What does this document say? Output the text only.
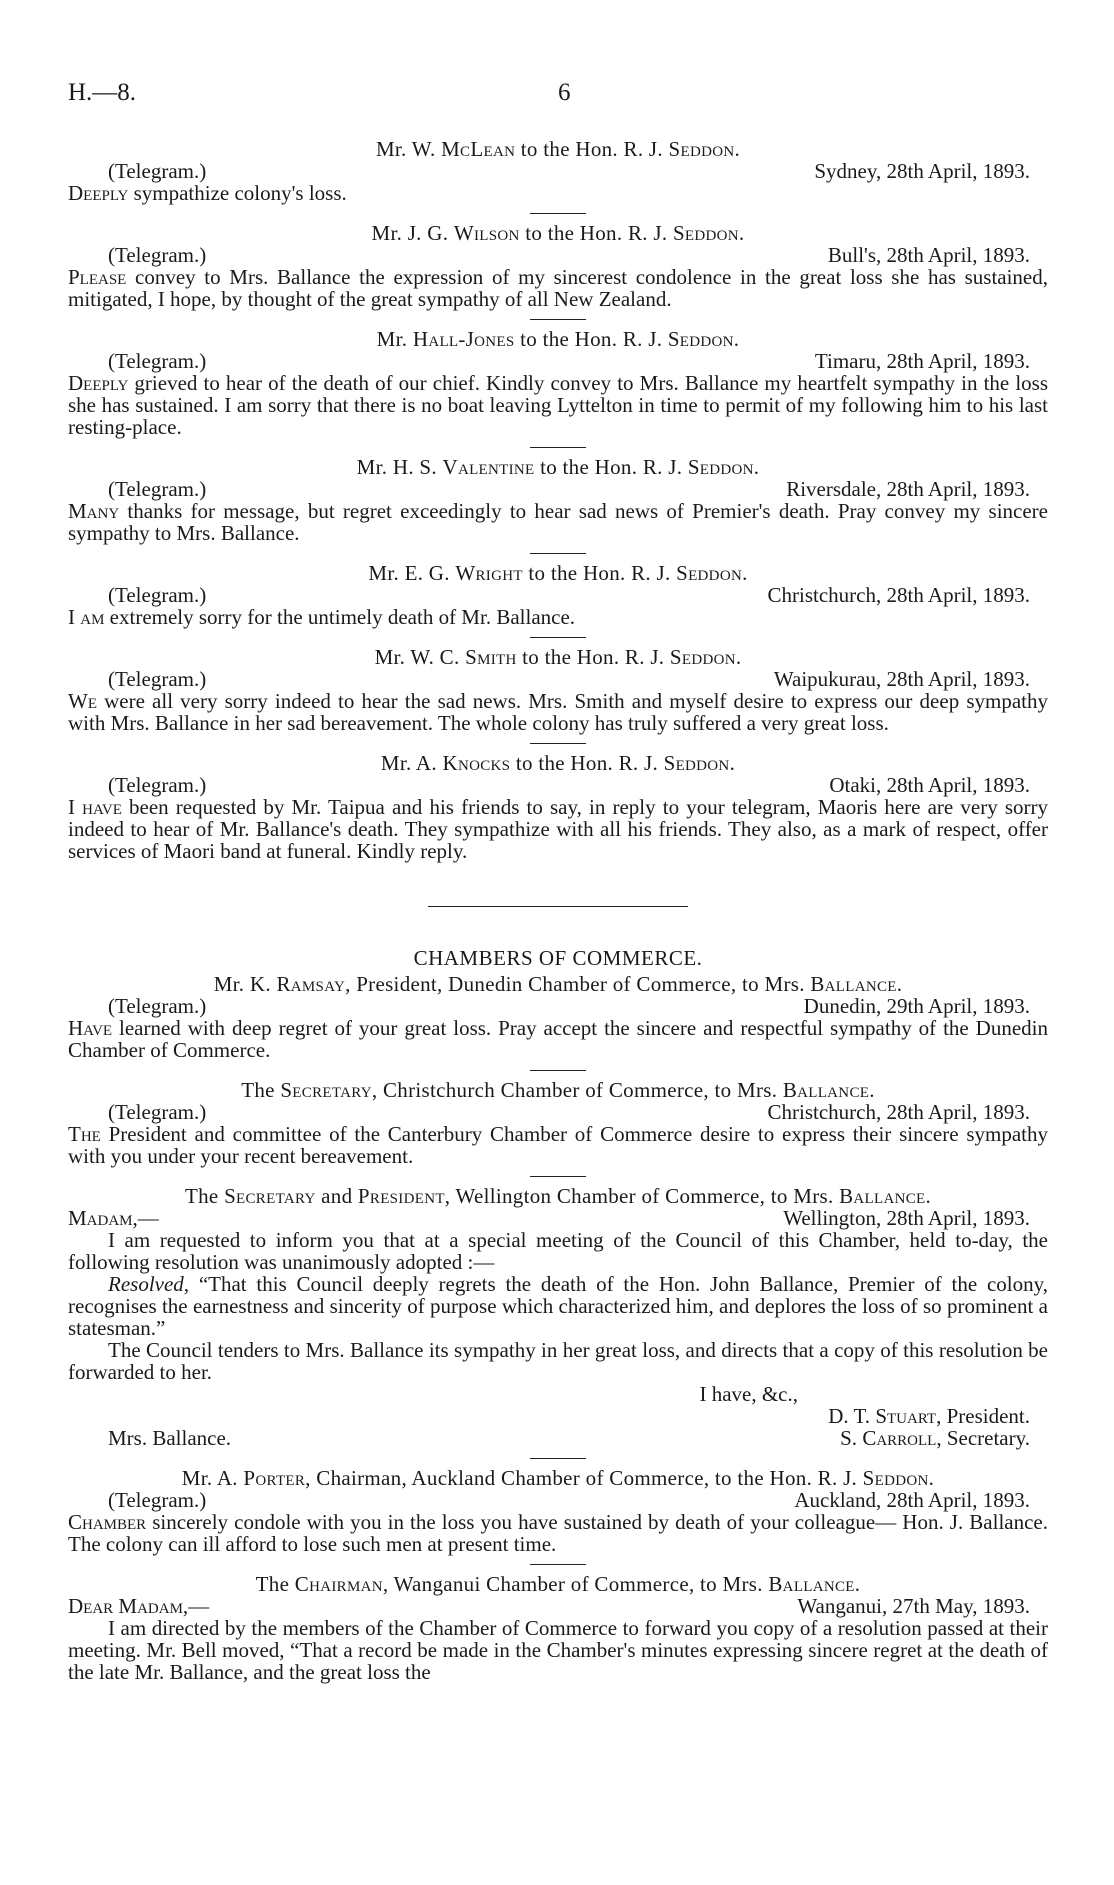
H.—8.	6

Mr. W. McLean to the Hon. R. J. Seddon.

(Telegram.)	Sydney, 28th April, 1893.

Deeply sympathize colony's loss.

Mr. J. G. Wilson to the Hon. R. J. Seddon.

(Telegram.)	Bull's, 28th April, 1893.

Please convey to Mrs. Ballance the expression of my sincerest condolence in the great loss she has sustained, mitigated, I hope, by thought of the great sympathy of all New Zealand.

Mr. Hall-Jones to the Hon. R. J. Seddon.

(Telegram.)	Timaru, 28th April, 1893.

Deeply grieved to hear of the death of our chief. Kindly convey to Mrs. Ballance my heartfelt sympathy in the loss she has sustained. I am sorry that there is no boat leaving Lyttelton in time to permit of my following him to his last resting-place.

Mr. H. S. Valentine to the Hon. R. J. Seddon.

(Telegram.)	Riversdale, 28th April, 1893.

Many thanks for message, but regret exceedingly to hear sad news of Premier's death. Pray convey my sincere sympathy to Mrs. Ballance.

Mr. E. G. Wright to the Hon. R. J. Seddon.

(Telegram.)	Christchurch, 28th April, 1893.

I am extremely sorry for the untimely death of Mr. Ballance.

Mr. W. C. Smith to the Hon. R. J. Seddon.

(Telegram.)	Waipukurau, 28th April, 1893.

We were all very sorry indeed to hear the sad news. Mrs. Smith and myself desire to express our deep sympathy with Mrs. Ballance in her sad bereavement. The whole colony has truly suffered a very great loss.

Mr. A. Knocks to the Hon. R. J. Seddon.

(Telegram.)	Otaki, 28th April, 1893.

I have been requested by Mr. Taipua and his friends to say, in reply to your telegram, Maoris here are very sorry indeed to hear of Mr. Ballance's death. They sympathize with all his friends. They also, as a mark of respect, offer services of Maori band at funeral. Kindly reply.

CHAMBERS OF COMMERCE.

Mr. K. Ramsay, President, Dunedin Chamber of Commerce, to Mrs. Ballance.

(Telegram.)	Dunedin, 29th April, 1893.

Have learned with deep regret of your great loss. Pray accept the sincere and respectful sympathy of the Dunedin Chamber of Commerce.

The Secretary, Christchurch Chamber of Commerce, to Mrs. Ballance.

(Telegram.)	Christchurch, 28th April, 1893.

The President and committee of the Canterbury Chamber of Commerce desire to express their sincere sympathy with you under your recent bereavement.

The Secretary and President, Wellington Chamber of Commerce, to Mrs. Ballance.

Madam,—	Wellington, 28th April, 1893.

I am requested to inform you that at a special meeting of the Council of this Chamber, held to-day, the following resolution was unanimously adopted :—

Resolved, “That this Council deeply regrets the death of the Hon. John Ballance, Premier of the colony, recognises the earnestness and sincerity of purpose which characterized him, and deplores the loss of so prominent a statesman.”

The Council tenders to Mrs. Ballance its sympathy in her great loss, and directs that a copy of this resolution be forwarded to her.

I have, &c.,
D. T. Stuart, President.
Mrs. Ballance.	S. Carroll, Secretary.

Mr. A. Porter, Chairman, Auckland Chamber of Commerce, to the Hon. R. J. Seddon.

(Telegram.)	Auckland, 28th April, 1893.

Chamber sincerely condole with you in the loss you have sustained by death of your colleague— Hon. J. Ballance. The colony can ill afford to lose such men at present time.

The Chairman, Wanganui Chamber of Commerce, to Mrs. Ballance.

Dear Madam,—	Wanganui, 27th May, 1893.

I am directed by the members of the Chamber of Commerce to forward you copy of a resolution passed at their meeting. Mr. Bell moved, “That a record be made in the Chamber's minutes expressing sincere regret at the death of the late Mr. Ballance, and the great loss the
